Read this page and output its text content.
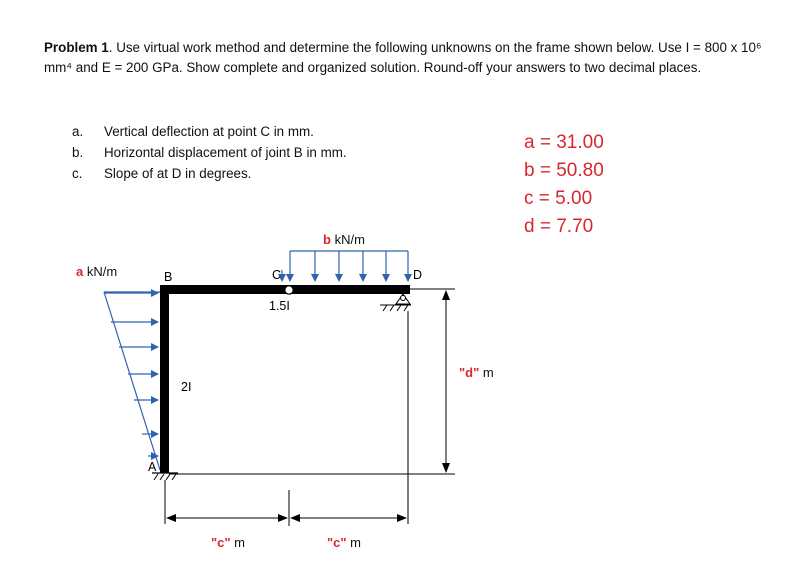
Problem 1. Use virtual work method and determine the following unknowns on the frame shown below. Use I = 800 x 10⁶ mm⁴ and E = 200 GPa. Show complete and organized solution. Round-off your answers to two decimal places.

a. Vertical deflection at point C in mm.
b. Horizontal displacement of joint B in mm.
c. Slope of at D in degrees.
a = 31.00
b = 50.80
c = 5.00
d = 7.70
a kN/m
b kN/m
A
B	C	D
1.5I
2I
"c" m	"c" m
"d" m
